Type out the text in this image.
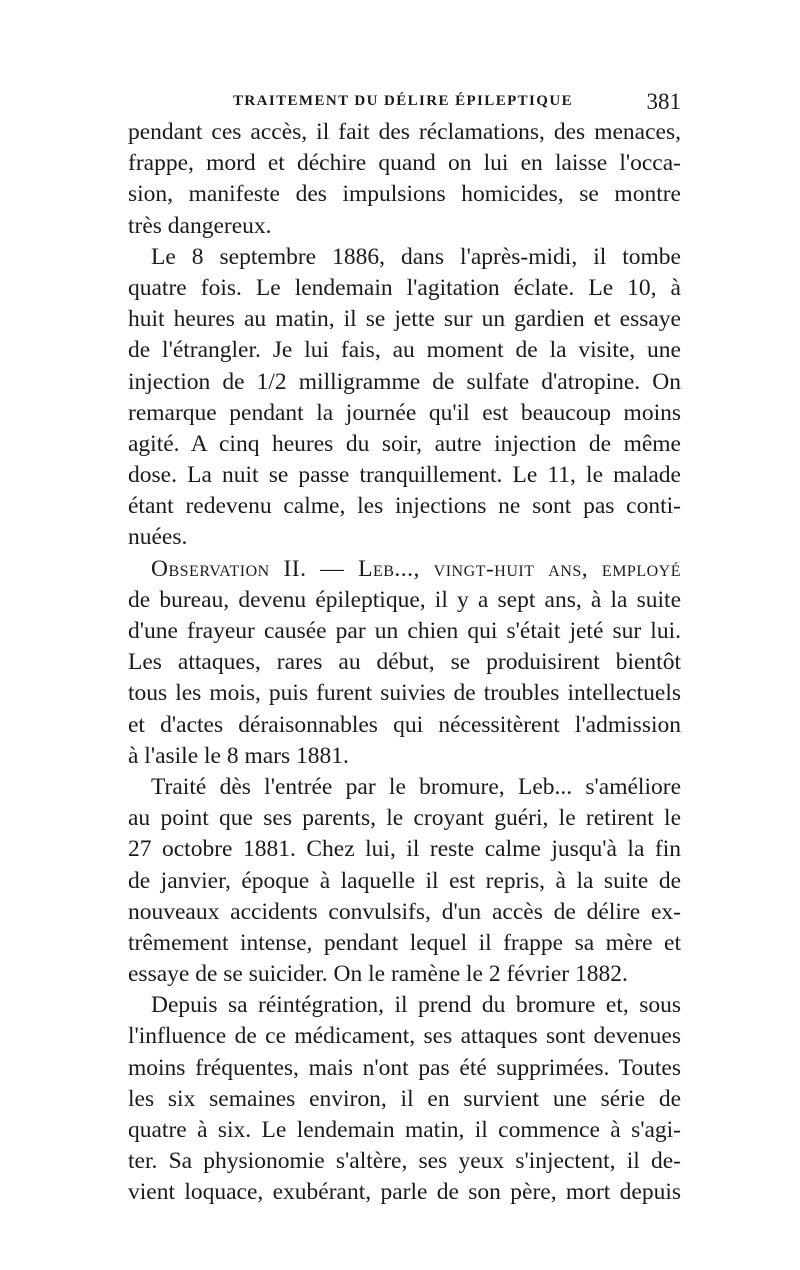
TRAITEMENT DU DÉLIRE ÉPILEPTIQUE	381
pendant ces accès, il fait des réclamations, des menaces,
frappe, mord et déchire quand on lui en laisse l'occa-
sion, manifeste des impulsions homicides, se montre
très dangereux.
Le 8 septembre 1886, dans l'après-midi, il tombe
quatre fois. Le lendemain l'agitation éclate. Le 10, à
huit heures au matin, il se jette sur un gardien et essaye
de l'étrangler. Je lui fais, au moment de la visite, une
injection de 1/2 milligramme de sulfate d'atropine. On
remarque pendant la journée qu'il est beaucoup moins
agité. A cinq heures du soir, autre injection de même
dose. La nuit se passe tranquillement. Le 11, le malade
étant redevenu calme, les injections ne sont pas conti-
nuées.
Observation II. — Leb..., vingt-huit ans, employé
de bureau, devenu épileptique, il y a sept ans, à la suite
d'une frayeur causée par un chien qui s'était jeté sur lui.
Les attaques, rares au début, se produisirent bientôt
tous les mois, puis furent suivies de troubles intellectuels
et d'actes déraisonnables qui nécessitèrent l'admission
à l'asile le 8 mars 1881.
Traité dès l'entrée par le bromure, Leb... s'améliore
au point que ses parents, le croyant guéri, le retirent le
27 octobre 1881. Chez lui, il reste calme jusqu'à la fin
de janvier, époque à laquelle il est repris, à la suite de
nouveaux accidents convulsifs, d'un accès de délire ex-
trêmement intense, pendant lequel il frappe sa mère et
essaye de se suicider. On le ramène le 2 février 1882.
Depuis sa réintégration, il prend du bromure et, sous
l'influence de ce médicament, ses attaques sont devenues
moins fréquentes, mais n'ont pas été supprimées. Toutes
les six semaines environ, il en survient une série de
quatre à six. Le lendemain matin, il commence à s'agi-
ter. Sa physionomie s'altère, ses yeux s'injectent, il de-
vient loquace, exubérant, parle de son père, mort depuis
